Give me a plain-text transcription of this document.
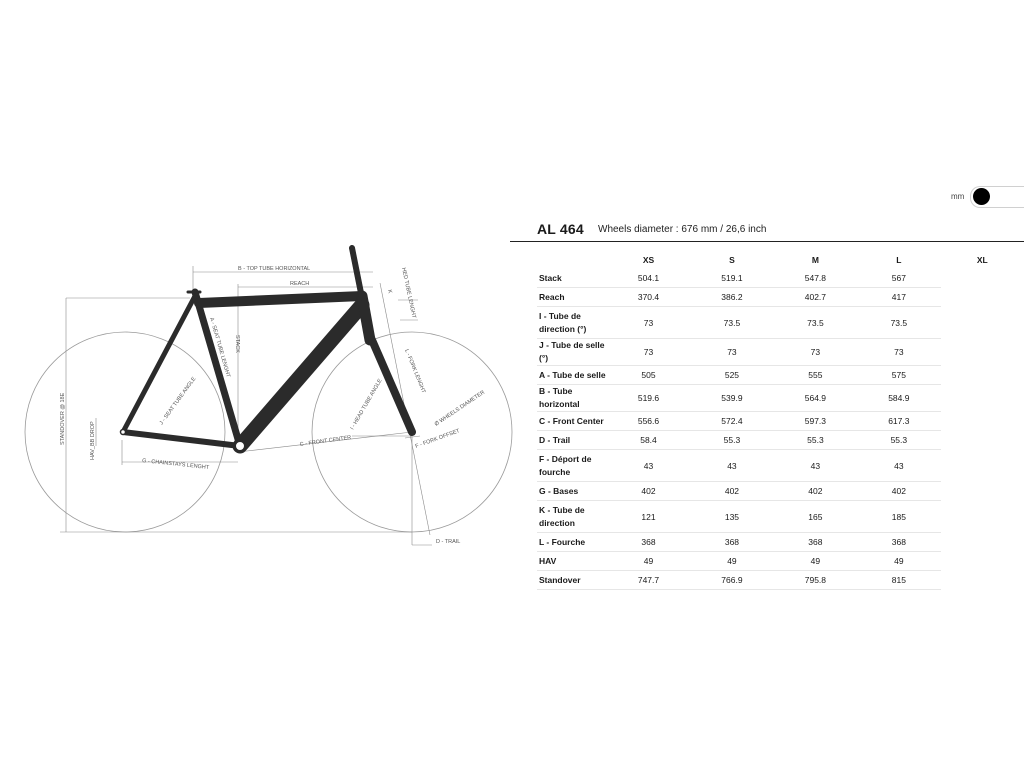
B - TOP TUBE HORIZONTAL
REACH	HED TUBE LENGHT
K
A - SEAT TUBE LENGHT STACK
L - FORK LENGHT
J - SEAT TUBE ANGLE	I - HEAD TUBE ANGLE	Ø WHEELS DIAMETER
STANDOVER @ 18E	HAV_BB DROP	C - FRONT CENTER	F - FORK OFFSET
G - CHAINSTAYS LENGHT
D - TRAIL
mm
AL 464 Wheels diameter : 676 mm / 26,6 inch
	XS	S	M	L	XL
Stack	504.1	519.1	547.8	567	
Reach	370.4	386.2	402.7	417	
I - Tube de direction (°)	73	73.5	73.5	73.5	
J - Tube de selle (°)	73	73	73	73	
A - Tube de selle	505	525	555	575	
B - Tube horizontal	519.6	539.9	564.9	584.9	
C - Front Center	556.6	572.4	597.3	617.3	
D - Trail	58.4	55.3	55.3	55.3	
F - Déport de fourche	43	43	43	43	
G - Bases	402	402	402	402	
K - Tube de direction	121	135	165	185	
L - Fourche	368	368	368	368	
HAV	49	49	49	49	
Standover	747.7	766.9	795.8	815	
